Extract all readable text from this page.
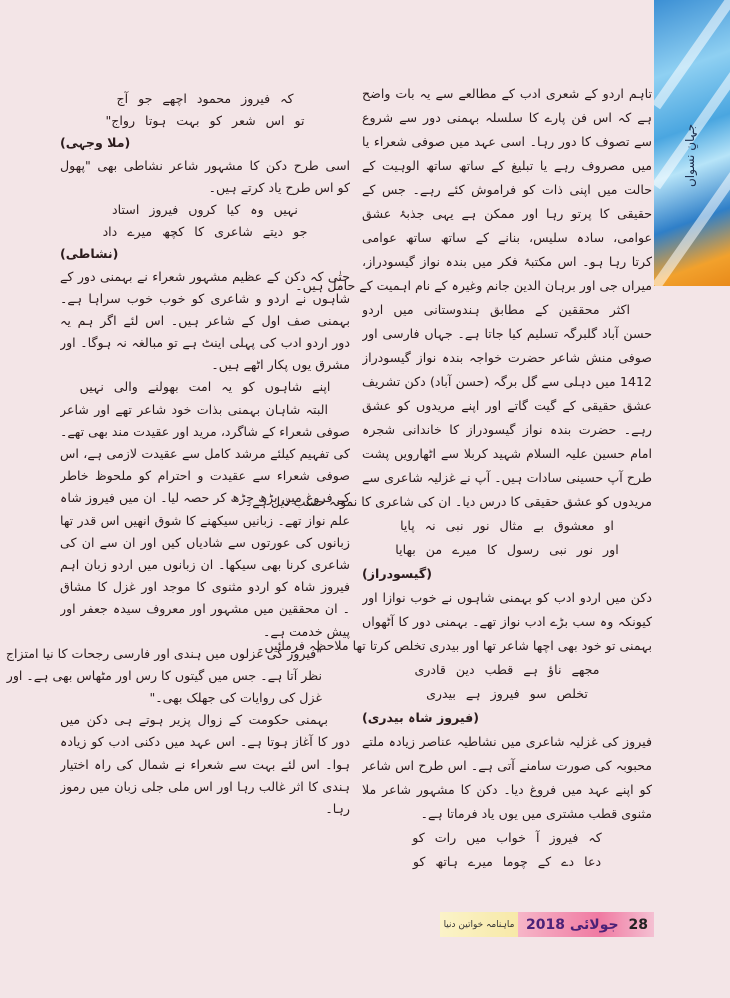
جہانِ نسواں
تاہم اردو کے شعری ادب کے مطالعے سے یہ بات واضح
ہے کہ اس فن پارے کا سلسلہ بہمنی دور سے شروع
سے تصوف کا دور رہا۔ اسی عہد میں صوفی شعراء یا
میں مصروف رہے یا تبلیغ کے ساتھ ساتھ الوہیت کے
حالت میں اپنی ذات کو فراموش کئے رہے۔ جس کے
حقیقی کا پرتو رہا اور ممکن ہے یہی جذبۂ عشق
عوامی، سادہ سلیس، بنانے کے ساتھ ساتھ عوامی
کرتا رہا ہو۔ اس مکتبۂ فکر میں بندہ نواز گیسودراز،
میراں جی اور برہان الدین جانم وغیرہ کے نام اہمیت کے حامل ہیں۔
اکثر محققین کے مطابق ہندوستانی میں اردو
حسن آباد گلبرگہ تسلیم کیا جاتا ہے۔ جہاں فارسی اور
صوفی منش شاعر حضرت خواجہ بندہ نواز گیسودراز
1412 میں دہلی سے گل برگہ (حسن آباد) دکن تشریف
عشق حقیقی کے گیت گاتے اور اپنے مریدوں کو عشق
رہے۔ حضرت بندہ نواز گیسودراز کا خاندانی شجرہ
امام حسین علیہ السلام شہید کربلا سے اٹھارویں پشت
طرح آپ حسینی سادات ہیں۔ آپ نے غزلیہ شاعری سے
مریدوں کو عشق حقیقی کا درس دیا۔ ان کی شاعری کا نمونہ حسب ذیل ہے۔
او معشوق بے مثال نور نبی نہ پایا
اور نور نبی رسول کا میرے من بھایا
(گیسودراز)
دکن میں اردو ادب کو بہمنی شاہوں نے خوب نوازا اور
کیونکہ وہ سب بڑے ادب نواز تھے۔ بہمنی دور کا آٹھواں
بہمنی تو خود بھی اچھا شاعر تھا اور بیدری تخلص کرتا تھا ملاحظہ فرمائیں۔
مجھے ناؤ ہے قطب دین قادری
تخلص سو فیروز ہے بیدری
(فیروز شاہ بیدری)
فیروز کی غزلیہ شاعری میں نشاطیہ عناصر زیادہ ملتے
محبوبہ کی صورت سامنے آتی ہے۔ اس طرح اس شاعر
کو اپنے عہد میں فروغ دیا۔ دکن کا مشہور شاعر ملا
مثنوی قطب مشتری میں یوں یاد فرماتا ہے۔
کہ فیروز آ خواب میں رات کو
دعا دے کے چوما میرے ہاتھ کو
کہ فیروز محمود اچھے جو آج
تو اس شعر کو بہت ہوتا رواج"
(ملا وجہی)
اسی طرح دکن کا مشہور شاعر نشاطی بھی "پھول
کو اس طرح یاد کرتے ہیں۔
نہیں وہ کیا کروں فیروز استاد
جو دیتے شاعری کا کچھ میرے داد
(نشاطی)
حتٰی کہ دکن کے عظیم مشہور شعراء نے بہمنی دور کے
شاہوں نے اردو و شاعری کو خوب خوب سراہا ہے۔
بہمنی صف اول کے شاعر ہیں۔ اس لئے اگر ہم یہ
دور اردو ادب کی پہلی اینٹ ہے تو مبالغہ نہ ہوگا۔ اور
مشرق یوں پکار اٹھے ہیں۔
اپنے شاہوں کو یہ امت بھولنے والی نہیں
البتہ شاہان بہمنی بذات خود شاعر تھے اور شاعر
صوفی شعراء کے شاگرد، مرید اور عقیدت مند بھی تھے۔
کی تفہیم کیلئے مرشد کامل سے عقیدت لازمی ہے، اس
صوفی شعراء سے عقیدت و احترام کو ملحوظ خاطر
کے فروغ میں بڑھ چڑھ کر حصہ لیا۔ ان میں فیروز شاہ
علم نواز تھے۔ زبانیں سیکھنے کا شوق انھیں اس قدر تھا
زبانوں کی عورتوں سے شادیاں کیں اور ان سے ان کی
شاعری کرنا بھی سیکھا۔ ان زبانوں میں اردو زبان اہم
فیروز شاہ کو اردو مثنوی کا موجد اور غزل کا مشاق
۔ ان محققین میں مشہور اور معروف سیدہ جعفر اور
پیش خدمت ہے۔
"فیروز کی غزلوں میں ہندی اور فارسی رجحات کا نیا امتزاج
نظر آتا ہے۔ جس میں گیتوں کا رس اور مٹھاس بھی ہے۔ اور
غزل کی روایات کی جھلک بھی۔"
بہمنی حکومت کے زوال پزیر ہوتے ہی دکن میں
دور کا آغاز ہوتا ہے۔ اس عہد میں دکنی ادب کو زیادہ
ہوا۔ اس لئے بہت سے شعراء نے شمال کی راہ اختیار
ہندی کا اثر غالب رہا اور اس ملی جلی زبان میں رموز
رہا۔
ماہنامہ خواتین دنیا	جولائی 2018	28
